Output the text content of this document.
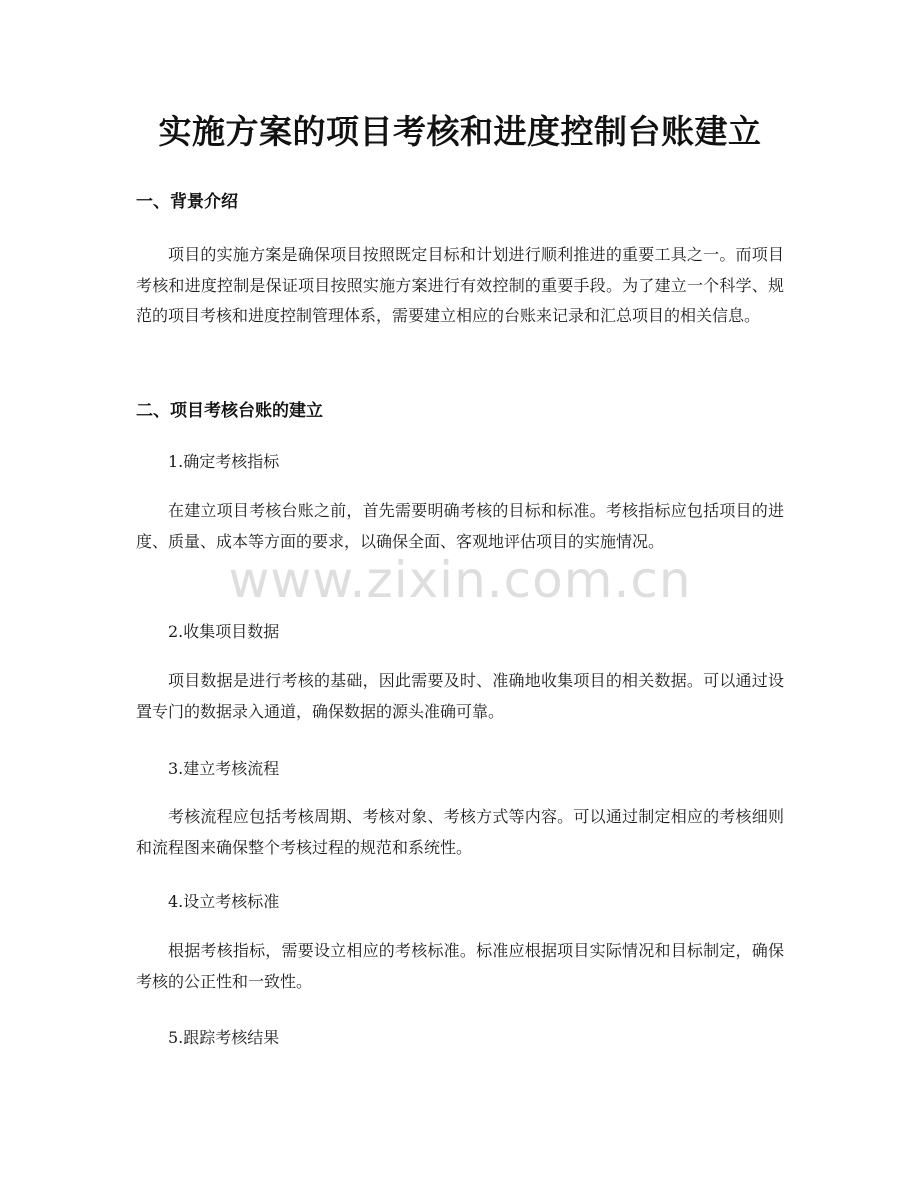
实施方案的项目考核和进度控制台账建立
一、背景介绍
项目的实施方案是确保项目按照既定目标和计划进行顺利推进的重要工具之一。而项目考核和进度控制是保证项目按照实施方案进行有效控制的重要手段。为了建立一个科学、规范的项目考核和进度控制管理体系，需要建立相应的台账来记录和汇总项目的相关信息。
二、项目考核台账的建立
1.确定考核指标
在建立项目考核台账之前，首先需要明确考核的目标和标准。考核指标应包括项目的进度、质量、成本等方面的要求，以确保全面、客观地评估项目的实施情况。
2.收集项目数据
项目数据是进行考核的基础，因此需要及时、准确地收集项目的相关数据。可以通过设置专门的数据录入通道，确保数据的源头准确可靠。
3.建立考核流程
考核流程应包括考核周期、考核对象、考核方式等内容。可以通过制定相应的考核细则和流程图来确保整个考核过程的规范和系统性。
4.设立考核标准
根据考核指标，需要设立相应的考核标准。标准应根据项目实际情况和目标制定，确保考核的公正性和一致性。
5.跟踪考核结果
www.zixin.com.cn
